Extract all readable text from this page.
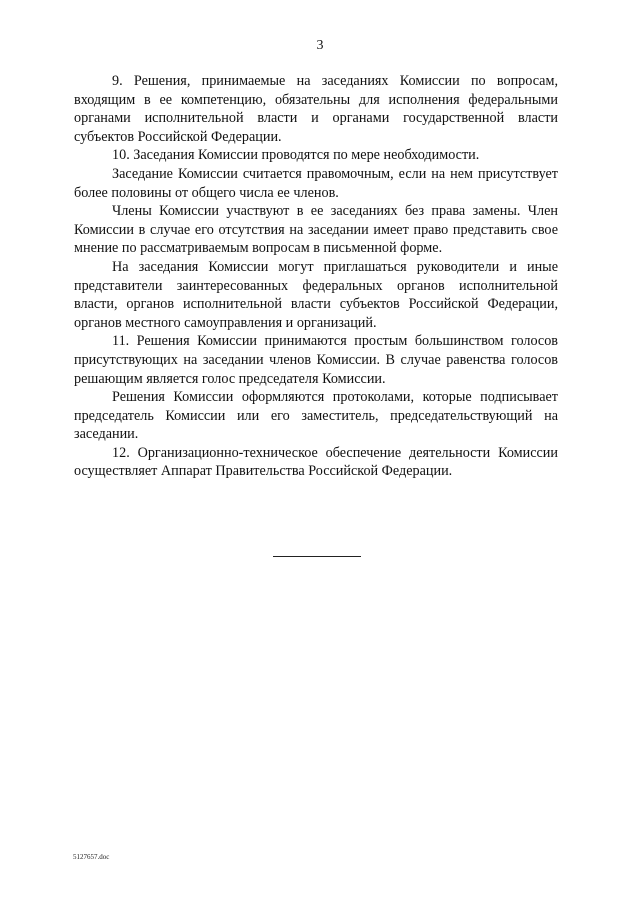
3

9. Решения, принимаемые на заседаниях Комиссии по вопросам, входящим в ее компетенцию, обязательны для исполнения федеральными органами исполнительной власти и органами государственной власти субъектов Российской Федерации.

10. Заседания Комиссии проводятся по мере необходимости.

Заседание Комиссии считается правомочным, если на нем присутствует более половины от общего числа ее членов.

Члены Комиссии участвуют в ее заседаниях без права замены. Член Комиссии в случае его отсутствия на заседании имеет право представить свое мнение по рассматриваемым вопросам в письменной форме.

На заседания Комиссии могут приглашаться руководители и иные представители заинтересованных федеральных органов исполнительной власти, органов исполнительной власти субъектов Российской Федерации, органов местного самоуправления и организаций.

11. Решения Комиссии принимаются простым большинством голосов присутствующих на заседании членов Комиссии. В случае равенства голосов решающим является голос председателя Комиссии.

Решения Комиссии оформляются протоколами, которые подписывает председатель Комиссии или его заместитель, председательствующий на заседании.

12. Организационно-техническое обеспечение деятельности Комиссии осуществляет Аппарат Правительства Российской Федерации.

5127657.doc
